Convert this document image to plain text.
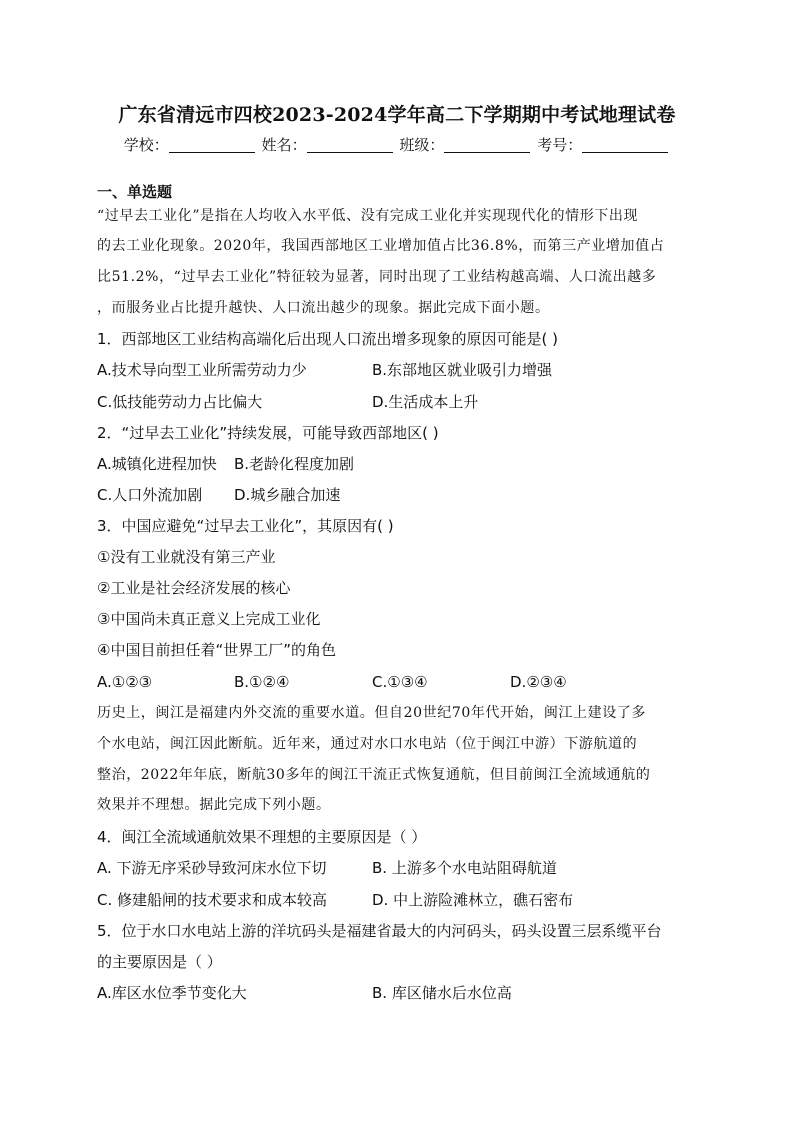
广东省清远市四校2023-2024学年高二下学期期中考试地理试卷
学校：	姓名：	班级：	考号：
一、单选题
“过早去工业化”是指在人均收入水平低、没有完成工业化并实现现代化的情形下出现
的去工业化现象。2020年，我国西部地区工业增加值占比36.8%，而第三产业增加值占
比51.2%，“过早去工业化”特征较为显著，同时出现了工业结构越高端、人口流出越多
，而服务业占比提升越快、人口流出越少的现象。据此完成下面小题。
1．西部地区工业结构高端化后出现人口流出增多现象的原因可能是( )
A.技术导向型工业所需劳动力少	B.东部地区就业吸引力增强
C.低技能劳动力占比偏大	D.生活成本上升
2．“过早去工业化”持续发展，可能导致西部地区( )
A.城镇化进程加快 B.老龄化程度加剧
C.人口外流加剧 D.城乡融合加速
3．中国应避免“过早去工业化”，其原因有( )
①没有工业就没有第三产业
②工业是社会经济发展的核心
③中国尚未真正意义上完成工业化
④中国目前担任着“世界工厂”的角色
A.①②③	B.①②④	C.①③④	D.②③④
历史上，闽江是福建内外交流的重要水道。但自20世纪70年代开始，闽江上建设了多
个水电站，闽江因此断航。近年来，通过对水口水电站（位于闽江中游）下游航道的
整治，2022年年底，断航30多年的闽江干流正式恢复通航，但目前闽江全流域通航的
效果并不理想。据此完成下列小题。
4．闽江全流域通航效果不理想的主要原因是（ ）
A. 下游无序采砂导致河床水位下切	B. 上游多个水电站阻碍航道
C. 修建船闸的技术要求和成本较高	D. 中上游险滩林立，礁石密布
5．位于水口水电站上游的洋坑码头是福建省最大的内河码头，码头设置三层系缆平台
的主要原因是（ ）
A.库区水位季节变化大	B. 库区储水后水位高
